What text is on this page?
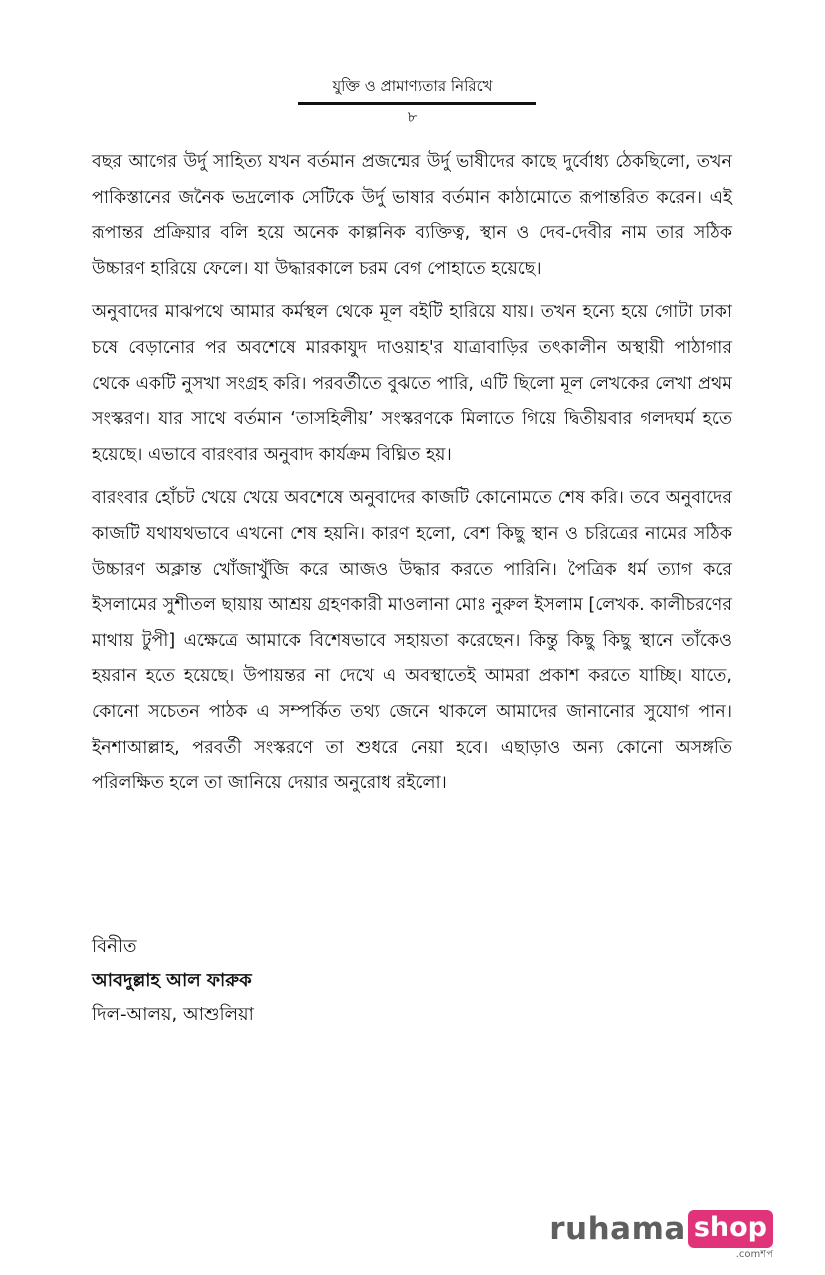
যুক্তি ও প্রামাণ্যতার নিরিখে
৮

বছর আগের উর্দু সাহিত্য যখন বর্তমান প্রজন্মের উর্দু ভাষীদের কাছে দুর্বোধ্য ঠেকছিলো, তখন পাকিস্তানের জনৈক ভদ্রলোক সেটিকে উর্দু ভাষার বর্তমান কাঠামোতে রূপান্তরিত করেন। এই রূপান্তর প্রক্রিয়ার বলি হয়ে অনেক কাল্পনিক ব্যক্তিত্ব, স্থান ও দেব-দেবীর নাম তার সঠিক উচ্চারণ হারিয়ে ফেলে। যা উদ্ধারকালে চরম বেগ পোহাতে হয়েছে।

অনুবাদের মাঝপথে আমার কর্মস্থল থেকে মূল বইটি হারিয়ে যায়। তখন হন্যে হয়ে গোটা ঢাকা চষে বেড়ানোর পর অবশেষে মারকাযুদ দাওয়াহ'র যাত্রাবাড়ির তৎকালীন অস্থায়ী পাঠাগার থেকে একটি নুসখা সংগ্রহ করি। পরবর্তীতে বুঝতে পারি, এটি ছিলো মূল লেখকের লেখা প্রথম সংস্করণ। যার সাথে বর্তমান ‘তাসহিলীয়’ সংস্করণকে মিলাতে গিয়ে দ্বিতীয়বার গলদঘর্ম হতে হয়েছে। এভাবে বারংবার অনুবাদ কার্যক্রম বিঘ্নিত হয়।

বারংবার হোঁচট খেয়ে খেয়ে অবশেষে অনুবাদের কাজটি কোনোমতে শেষ করি। তবে অনুবাদের কাজটি যথাযথভাবে এখনো শেষ হয়নি। কারণ হলো, বেশ কিছু স্থান ও চরিত্রের নামের সঠিক উচ্চারণ অক্লান্ত খোঁজাখুঁজি করে আজও উদ্ধার করতে পারিনি। পৈত্রিক ধর্ম ত্যাগ করে ইসলামের সুশীতল ছায়ায় আশ্রয় গ্রহণকারী মাওলানা মোঃ নুরুল ইসলাম [লেখক. কালীচরণের মাথায় টুপী] এক্ষেত্রে আমাকে বিশেষভাবে সহায়তা করেছেন। কিন্তু কিছু কিছু স্থানে তাঁকেও হয়রান হতে হয়েছে। উপায়ন্তর না দেখে এ অবস্থাতেই আমরা প্রকাশ করতে যাচ্ছি। যাতে, কোনো সচেতন পাঠক এ সম্পর্কিত তথ্য জেনে থাকলে আমাদের জানানোর সুযোগ পান। ইনশাআল্লাহ, পরবর্তী সংস্করণে তা শুধরে নেয়া হবে। এছাড়াও অন্য কোনো অসঙ্গতি পরিলক্ষিত হলে তা জানিয়ে দেয়ার অনুরোধ রইলো।

বিনীত
আবদুল্লাহ আল ফারুক
দিল-আলয়, আশুলিয়া
ruhama shop
.comশপ
